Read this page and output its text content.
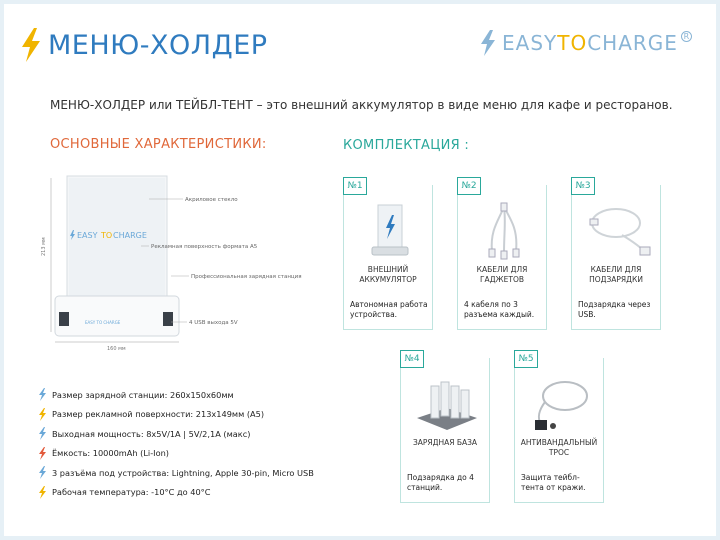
МЕНЮ-ХОЛДЕР	EASYTOCHARGE R

МЕНЮ-ХОЛДЕР или ТЕЙБЛ-ТЕНТ – это внешний аккумулятор в виде меню для кафе и ресторанов.

ОСНОВНЫЕ ХАРАКТЕРИСТИКИ:	КОМПЛЕКТАЦИЯ :
EASY TO CHARGE
EASY TO CHARGE
213 мм
160 мм
Акриловое стекло
Рекламная поверхность формата А5
Профессиональная зарядная станция
4 USB выхода 5V
Размер зарядной станции: 260х150х60мм
Размер рекламной поверхности: 213х149мм (А5)
Выходная мощность: 8х5V/1A | 5V/2,1A (макс)
Ёмкость: 10000mAh (Li-Ion)
3 разъёма под устройства: Lightning, Apple 30-pin, Micro USB
Рабочая температура: -10°С до 40°С
№1
ВНЕШНИЙ АККУМУЛЯТОР
Автономная работа устройства.
№2
КАБЕЛИ ДЛЯ ГАДЖЕТОВ
4 кабеля по 3 разъема каждый.
№3
КАБЕЛИ ДЛЯ ПОДЗАРЯДКИ
Подзарядка через USB.
№4
ЗАРЯДНАЯ БАЗА
Подзарядка до 4 станций.
№5
АНТИВАНДАЛЬНЫЙ ТРОС
Защита тейбл-тента от кражи.
